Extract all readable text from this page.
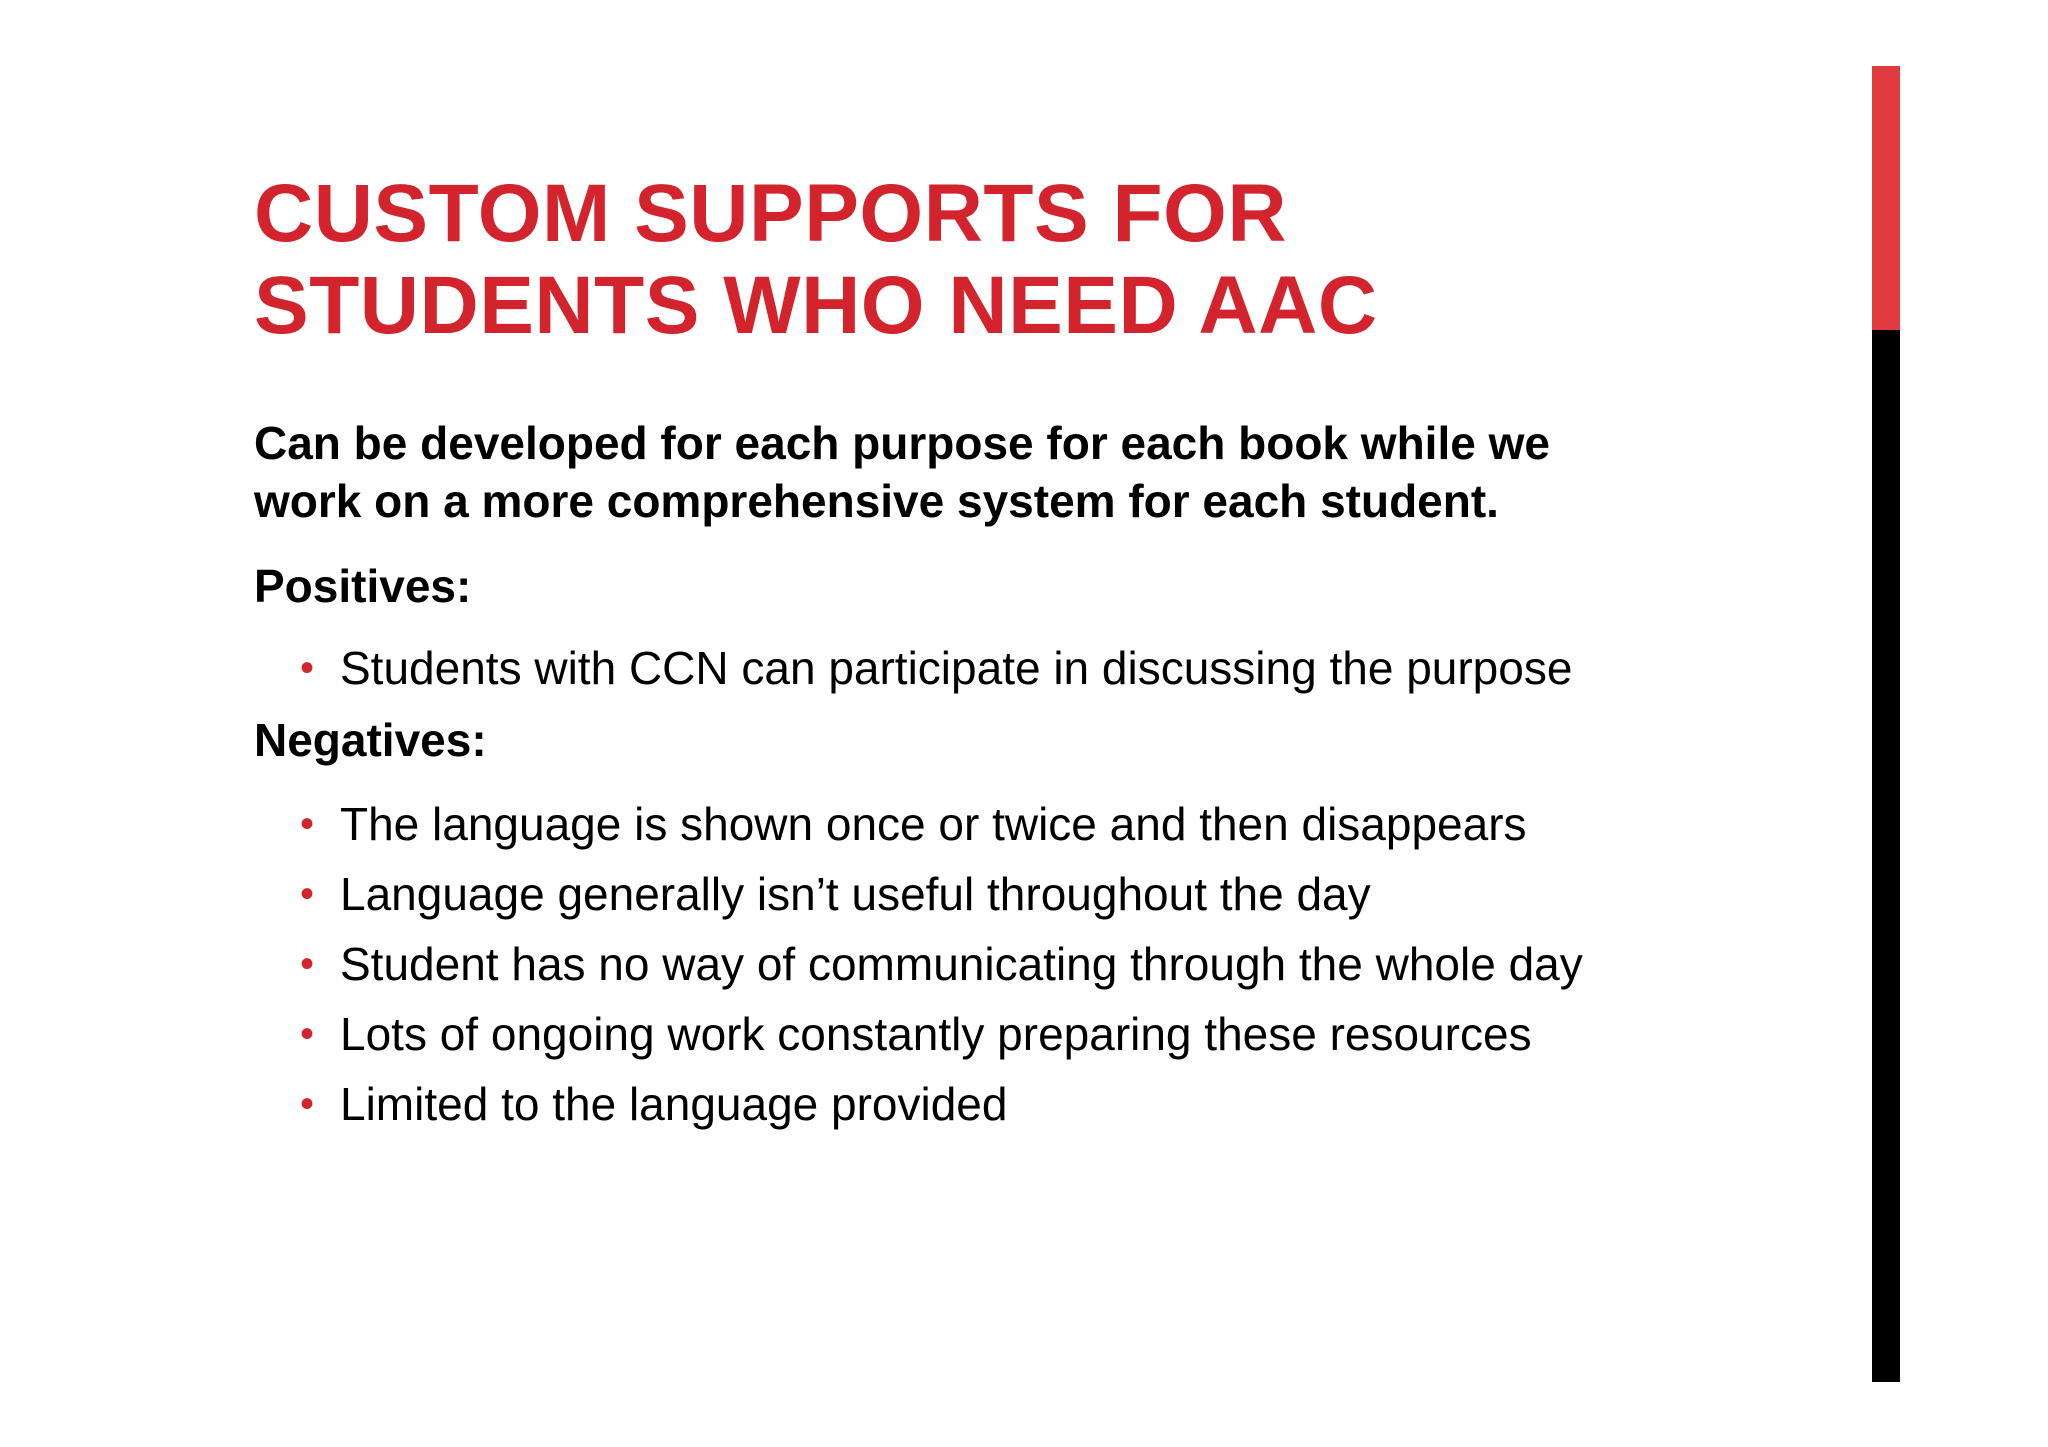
CUSTOM SUPPORTS FOR
STUDENTS WHO NEED AAC

Can be developed for each purpose for each book while we
work on a more comprehensive system for each student.

Positives:

• Students with CCN can participate in discussing the purpose

Negatives:

• The language is shown once or twice and then disappears
• Language generally isn’t useful throughout the day
• Student has no way of communicating through the whole day
• Lots of ongoing work constantly preparing these resources
• Limited to the language provided
